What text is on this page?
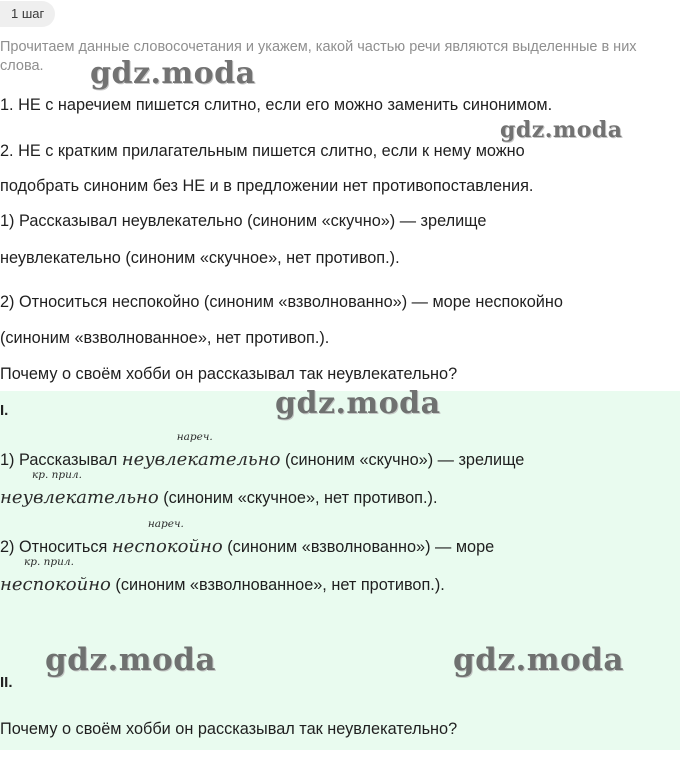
1 шаг
Прочитаем данные словосочетания и укажем, какой частью речи являются выделенные в них слова.
1. НЕ с наречием пишется слитно, если его можно заменить синонимом.
2. НЕ с кратким прилагательным пишется слитно, если к нему можно
подобрать синоним без НЕ и в предложении нет противопоставления.
1) Рассказывал неувлекательно (синоним «скучно») — зрелище
неувлекательно (синоним «скучное», нет противоп.).
2) Относиться неспокойно (синоним «взволнованно») — море неспокойно
(синоним «взволнованное», нет противоп.).
Почему о своём хобби он рассказывал так неувлекательно?
I.
1) Рассказывал
нареч.
неувлекательно (синоним «скучно») — зрелище
кр. прил.
неувлекательно (синоним «скучное», нет противоп.).
2) Относиться
нареч.
неспокойно (синоним «взволнованно») — море
кр. прил.
неспокойно (синоним «взволнованное», нет противоп.).
II.
Почему о своём хобби он рассказывал так неувлекательно?
gdz.moda
gdz.moda
gdz.moda
gdz.moda	gdz.moda
